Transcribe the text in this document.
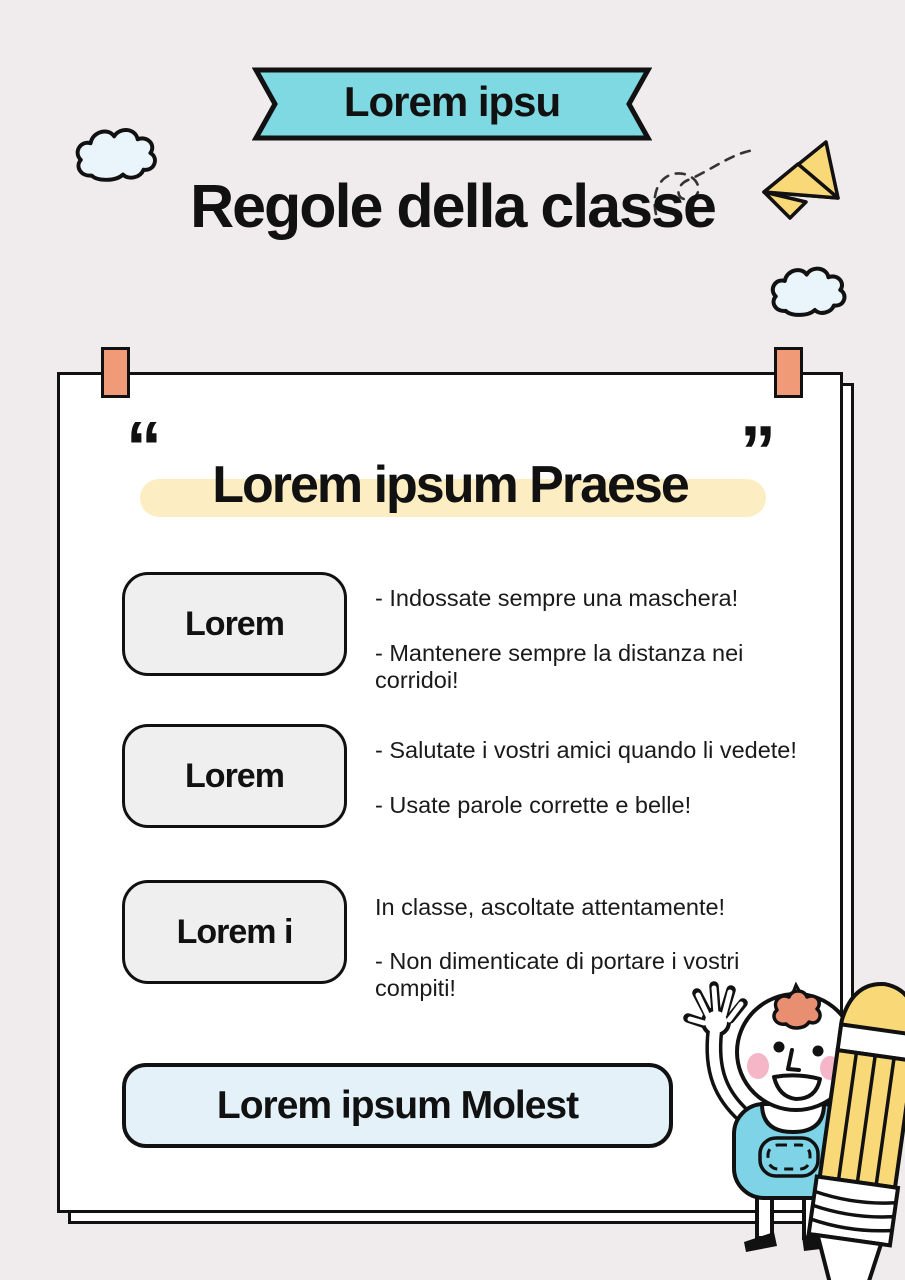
Lorem ipsu
Regole della classe
“	”
Lorem ipsum Praese
Lorem
- Indossate sempre una maschera!
- Mantenere sempre la distanza nei corridoi!
Lorem
- Salutate i vostri amici quando li vedete!
- Usate parole corrette e belle!
Lorem i
In classe, ascoltate attentamente!
- Non dimenticate di portare i vostri compiti!
Lorem ipsum Molest
